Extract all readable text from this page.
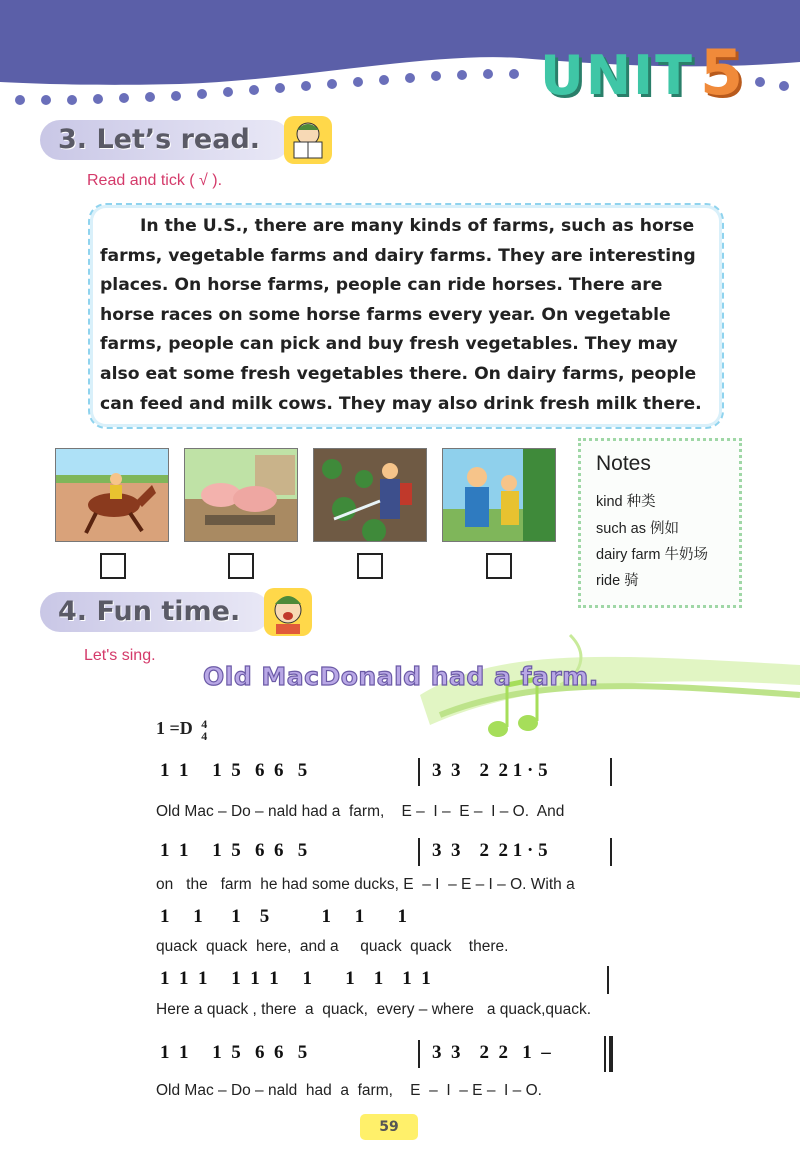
UNIT5
3. Let’s read.
Read and tick ( √ ).
In the U.S., there are many kinds of farms, such as horse farms, vegetable farms and dairy farms. They are interesting places. On horse farms, people can ride horses. There are horse races on some horse farms every year. On vegetable farms, people can pick and buy fresh vegetables. They may also eat some fresh vegetables there. On dairy farms, people can feed and milk cows. They may also drink fresh milk there.
Notes
kind 种类
such as 例如
dairy farm 牛奶场
ride 骑
4. Fun time.
Let's sing.
Old MacDonald had a farm.
1 =D 4
4
1  1     1  5   6  6   5	3  3    2  2 1 · 5
Old Mac – Do – nald had a  farm,    E –  I –  E –  I – O.  And
1  1     1  5   6  6   5	3  3    2  2 1 · 5
on   the   farm  he had some ducks, E  – I  – E – I – O. With a
1     1      1    5           1     1       1
quack  quack  here,  and a     quack  quack    there.
1  1  1     1  1  1     1       1    1    1  1
Here a quack , there  a  quack,  every – where   a quack,quack.
1  1     1  5   6  6   5	3  3    2  2   1  –
Old Mac – Do – nald  had  a  farm,    E  –  I  – E –  I – O.
59
